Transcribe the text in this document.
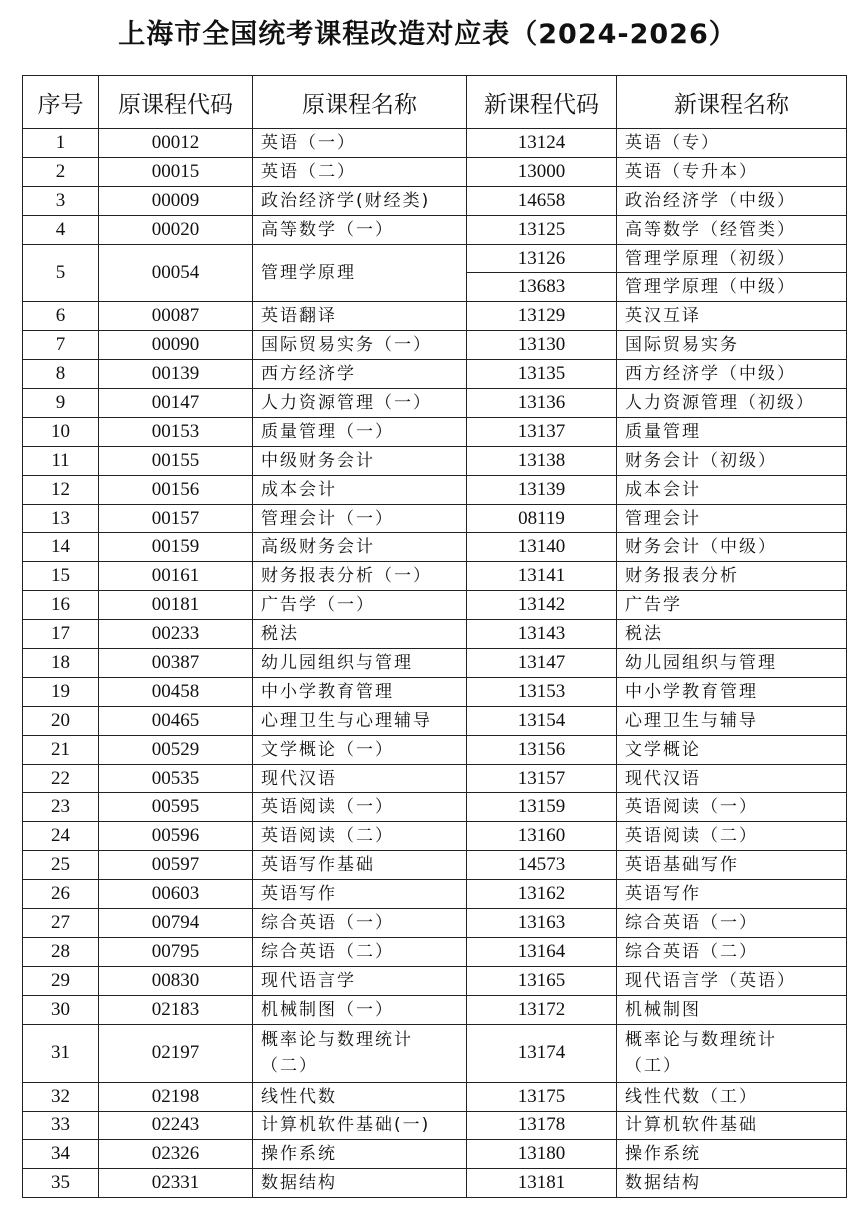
上海市全国统考课程改造对应表（2024-2026）
序号	原课程代码	原课程名称	新课程代码	新课程名称
1	00012	英语（一）	13124	英语（专）
2	00015	英语（二）	13000	英语（专升本）
3	00009	政治经济学(财经类)	14658	政治经济学（中级）
4	00020	高等数学（一）	13125	高等数学（经管类）
5	00054	管理学原理	13126	管理学原理（初级）
			13683	管理学原理（中级）
6	00087	英语翻译	13129	英汉互译
7	00090	国际贸易实务（一）	13130	国际贸易实务
8	00139	西方经济学	13135	西方经济学（中级）
9	00147	人力资源管理（一）	13136	人力资源管理（初级）
10	00153	质量管理（一）	13137	质量管理
11	00155	中级财务会计	13138	财务会计（初级）
12	00156	成本会计	13139	成本会计
13	00157	管理会计（一）	08119	管理会计
14	00159	高级财务会计	13140	财务会计（中级）
15	00161	财务报表分析（一）	13141	财务报表分析
16	00181	广告学（一）	13142	广告学
17	00233	税法	13143	税法
18	00387	幼儿园组织与管理	13147	幼儿园组织与管理
19	00458	中小学教育管理	13153	中小学教育管理
20	00465	心理卫生与心理辅导	13154	心理卫生与辅导
21	00529	文学概论（一）	13156	文学概论
22	00535	现代汉语	13157	现代汉语
23	00595	英语阅读（一）	13159	英语阅读（一）
24	00596	英语阅读（二）	13160	英语阅读（二）
25	00597	英语写作基础	14573	英语基础写作
26	00603	英语写作	13162	英语写作
27	00794	综合英语（一）	13163	综合英语（一）
28	00795	综合英语（二）	13164	综合英语（二）
29	00830	现代语言学	13165	现代语言学（英语）
30	02183	机械制图（一）	13172	机械制图
31	02197	概率论与数理统计（二）	13174	概率论与数理统计（工）
32	02198	线性代数	13175	线性代数（工）
33	02243	计算机软件基础(一)	13178	计算机软件基础
34	02326	操作系统	13180	操作系统
35	02331	数据结构	13181	数据结构
